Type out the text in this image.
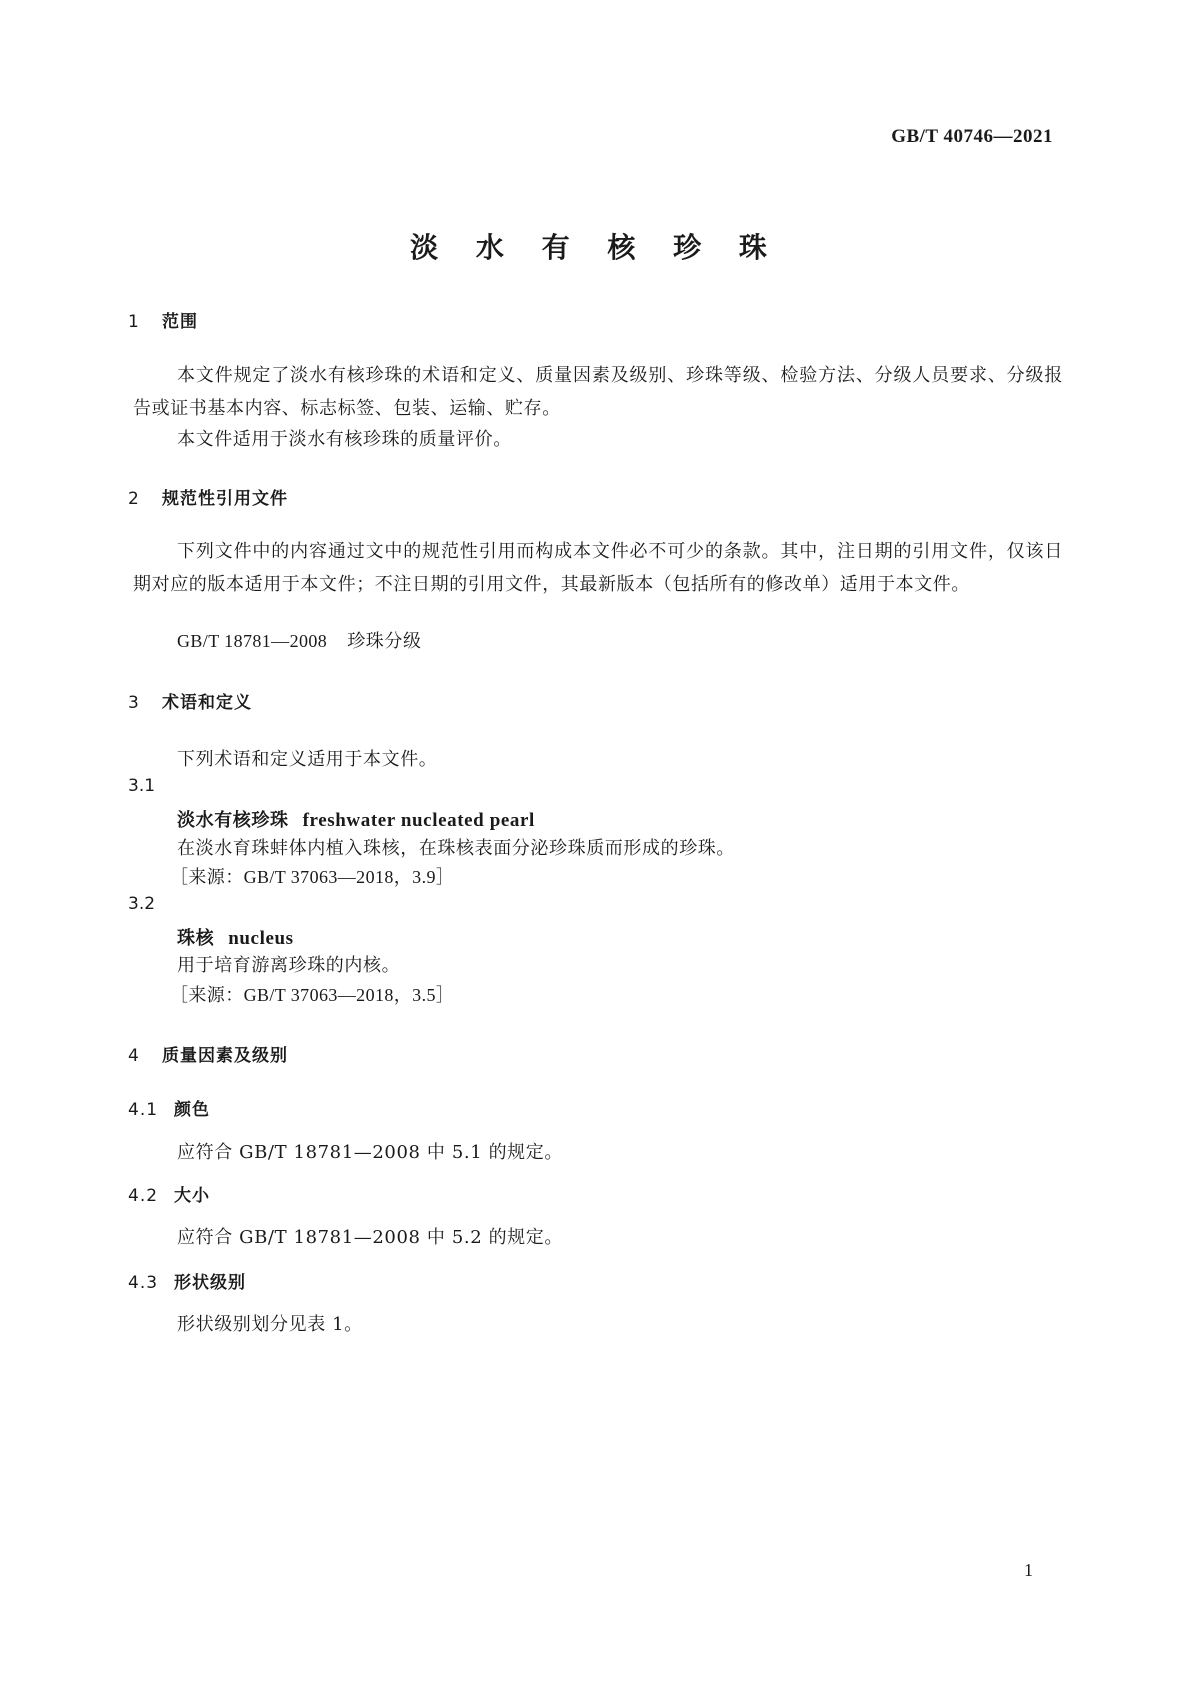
GB/T 40746—2021
淡 水 有 核 珍 珠
1 范围
本文件规定了淡水有核珍珠的术语和定义、质量因素及级别、珍珠等级、检验方法、分级人员要求、分级报告或证书基本内容、标志标签、包装、运输、贮存。
本文件适用于淡水有核珍珠的质量评价。
2 规范性引用文件
下列文件中的内容通过文中的规范性引用而构成本文件必不可少的条款。其中，注日期的引用文件，仅该日期对应的版本适用于本文件；不注日期的引用文件，其最新版本（包括所有的修改单）适用于本文件。
GB/T 18781—2008 珍珠分级
3 术语和定义
下列术语和定义适用于本文件。
3.1
淡水有核珍珠 freshwater nucleated pearl
在淡水育珠蚌体内植入珠核，在珠核表面分泌珍珠质而形成的珍珠。
［来源：GB/T 37063—2018，3.9］
3.2
珠核 nucleus
用于培育游离珍珠的内核。
［来源：GB/T 37063—2018，3.5］
4 质量因素及级别
4.1 颜色
应符合 GB/T 18781—2008 中 5.1 的规定。
4.2 大小
应符合 GB/T 18781—2008 中 5.2 的规定。
4.3 形状级别
形状级别划分见表 1。
1
